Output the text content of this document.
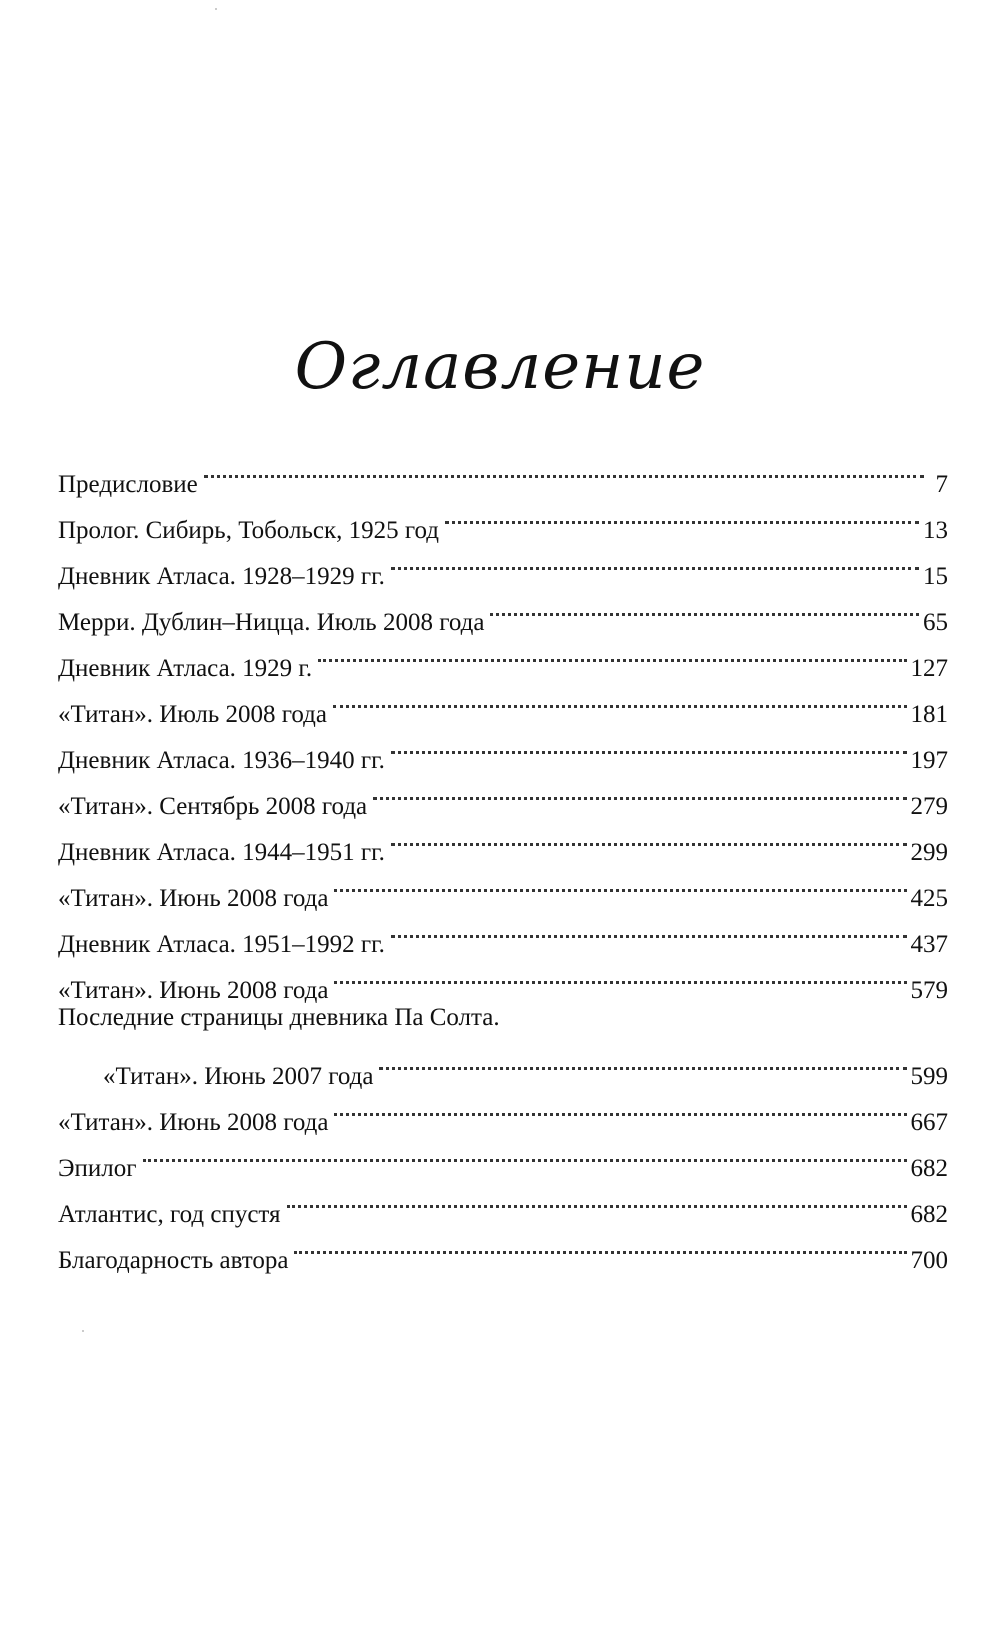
Оглавление
Предисловие	7
Пролог. Сибирь, Тобольск, 1925 год	13
Дневник Атласа. 1928–1929 гг.	15
Мерри. Дублин–Ницца. Июль 2008 года	65
Дневник Атласа. 1929 г.	127
«Титан». Июль 2008 года	181
Дневник Атласа. 1936–1940 гг.	197
«Титан». Сентябрь 2008 года	279
Дневник Атласа. 1944–1951 гг.	299
«Титан». Июнь 2008 года	425
Дневник Атласа. 1951–1992 гг.	437
«Титан». Июнь 2008 года	579
Последние страницы дневника Па Солта.
«Титан». Июнь 2007 года	599
«Титан». Июнь 2008 года	667
Эпилог	682
Атлантис, год спустя	682
Благодарность автора	700
